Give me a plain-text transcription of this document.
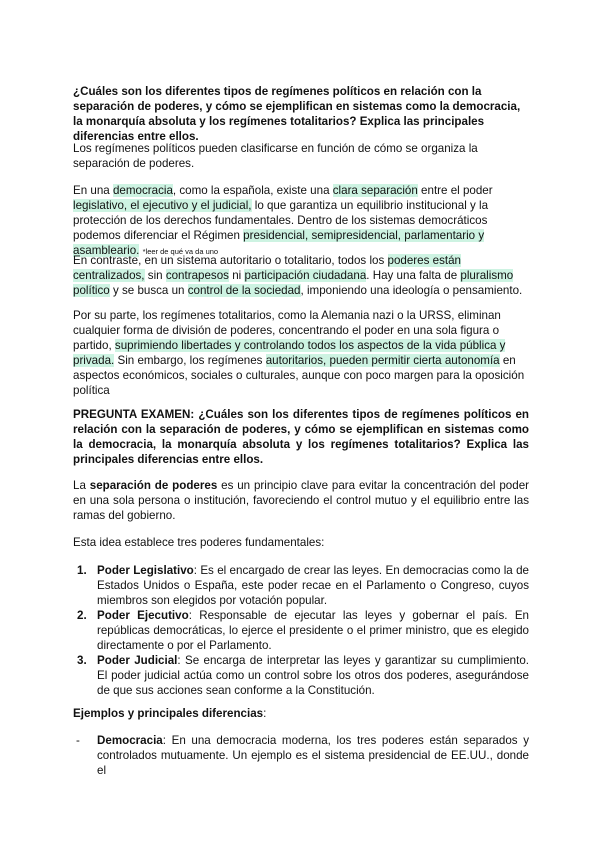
¿Cuáles son los diferentes tipos de regímenes políticos en relación con la separación de poderes, y cómo se ejemplifican en sistemas como la democracia, la monarquía absoluta y los regímenes totalitarios? Explica las principales diferencias entre ellos.

Los regímenes políticos pueden clasificarse en función de cómo se organiza la separación de poderes.

En una democracia, como la española, existe una clara separación entre el poder legislativo, el ejecutivo y el judicial, lo que garantiza un equilibrio institucional y la protección de los derechos fundamentales. Dentro de los sistemas democráticos podemos diferenciar el Régimen presidencial, semipresidencial, parlamentario y asambleario. *leer de qué va da uno

En contraste, en un sistema autoritario o totalitario, todos los poderes están centralizados, sin contrapesos ni participación ciudadana. Hay una falta de pluralismo político y se busca un control de la sociedad, imponiendo una ideología o pensamiento.

Por su parte, los regímenes totalitarios, como la Alemania nazi o la URSS, eliminan cualquier forma de división de poderes, concentrando el poder en una sola figura o partido, suprimiendo libertades y controlando todos los aspectos de la vida pública y privada. Sin embargo, los regímenes autoritarios, pueden permitir cierta autonomía en aspectos económicos, sociales o culturales, aunque con poco margen para la oposición política

PREGUNTA EXAMEN: ¿Cuáles son los diferentes tipos de regímenes políticos en relación con la separación de poderes, y cómo se ejemplifican en sistemas como la democracia, la monarquía absoluta y los regímenes totalitarios? Explica las principales diferencias entre ellos.

La separación de poderes es un principio clave para evitar la concentración del poder en una sola persona o institución, favoreciendo el control mutuo y el equilibrio entre las ramas del gobierno.

Esta idea establece tres poderes fundamentales:

1. Poder Legislativo: Es el encargado de crear las leyes. En democracias como la de Estados Unidos o España, este poder recae en el Parlamento o Congreso, cuyos miembros son elegidos por votación popular.

2. Poder Ejecutivo: Responsable de ejecutar las leyes y gobernar el país. En repúblicas democráticas, lo ejerce el presidente o el primer ministro, que es elegido directamente o por el Parlamento.

3. Poder Judicial: Se encarga de interpretar las leyes y garantizar su cumplimiento. El poder judicial actúa como un control sobre los otros dos poderes, asegurándose de que sus acciones sean conforme a la Constitución.

Ejemplos y principales diferencias:

- Democracia: En una democracia moderna, los tres poderes están separados y controlados mutuamente. Un ejemplo es el sistema presidencial de EE.UU., donde el
